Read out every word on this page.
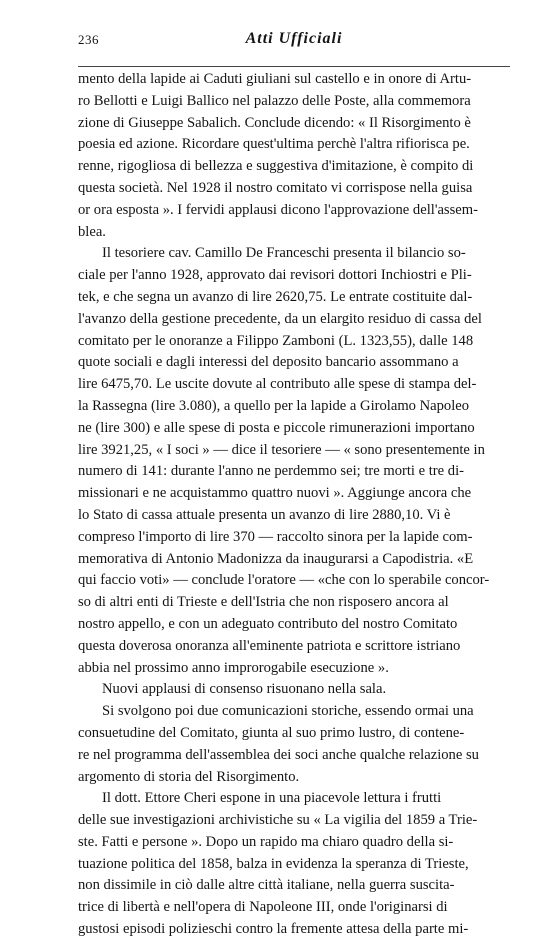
236	Atti Ufficiali
mento della lapide ai Caduti giuliani sul castello e in onore di Artu-
ro Bellotti e Luigi Ballico nel palazzo delle Poste, alla commemora
zione di Giuseppe Sabalich. Conclude dicendo: « Il Risorgimento è
poesia ed azione. Ricordare quest'ultima perchè l'altra rifiorisca pe.
renne, rigogliosa di bellezza e suggestiva d'imitazione, è compito di
questa società. Nel 1928 il nostro comitato vi corrispose nella guisa
or ora esposta ». I fervidi applausi dicono l'approvazione dell'assem-
blea.
Il tesoriere cav. Camillo De Franceschi presenta il bilancio so-
ciale per l'anno 1928, approvato dai revisori dottori Inchiostri e Pli-
tek, e che segna un avanzo di lire 2620,75. Le entrate costituite dal-
l'avanzo della gestione precedente, da un elargito residuo di cassa del
comitato per le onoranze a Filippo Zamboni (L. 1323,55), dalle 148
quote sociali e dagli interessi del deposito bancario assommano a
lire 6475,70. Le uscite dovute al contributo alle spese di stampa del-
la Rassegna (lire 3.080), a quello per la lapide a Girolamo Napoleo
ne (lire 300) e alle spese di posta e piccole rimunerazioni importano
lire 3921,25, « I soci » — dice il tesoriere — « sono presentemente in
numero di 141: durante l'anno ne perdemmo sei; tre morti e tre di-
missionari e ne acquistammo quattro nuovi ». Aggiunge ancora che
lo Stato di cassa attuale presenta un avanzo di lire 2880,10. Vi è
compreso l'importo di lire 370 — raccolto sinora per la lapide com-
memorativa di Antonio Madonizza da inaugurarsi a Capodistria. «E
qui faccio voti» — conclude l'oratore — «che con lo sperabile concor-
so di altri enti di Trieste e dell'Istria che non risposero ancora al
nostro appello, e con un adeguato contributo del nostro Comitato
questa doverosa onoranza all'eminente patriota e scrittore istriano
abbia nel prossimo anno improrogabile esecuzione ».
Nuovi applausi di consenso risuonano nella sala.
Si svolgono poi due comunicazioni storiche, essendo ormai una
consuetudine del Comitato, giunta al suo primo lustro, di contene-
re nel programma dell'assemblea dei soci anche qualche relazione su
argomento di storia del Risorgimento.
Il dott. Ettore Cheri espone in una piacevole lettura i frutti
delle sue investigazioni archivistiche su « La vigilia del 1859 a Trie-
ste. Fatti e persone ». Dopo un rapido ma chiaro quadro della si-
tuazione politica del 1858, balza in evidenza la speranza di Trieste,
non dissimile in ciò dalle altre città italiane, nella guerra suscita-
trice di libertà e nell'opera di Napoleone III, onde l'originarsi di
gustosi episodi polizieschi contro la fremente attesa della parte mi-
